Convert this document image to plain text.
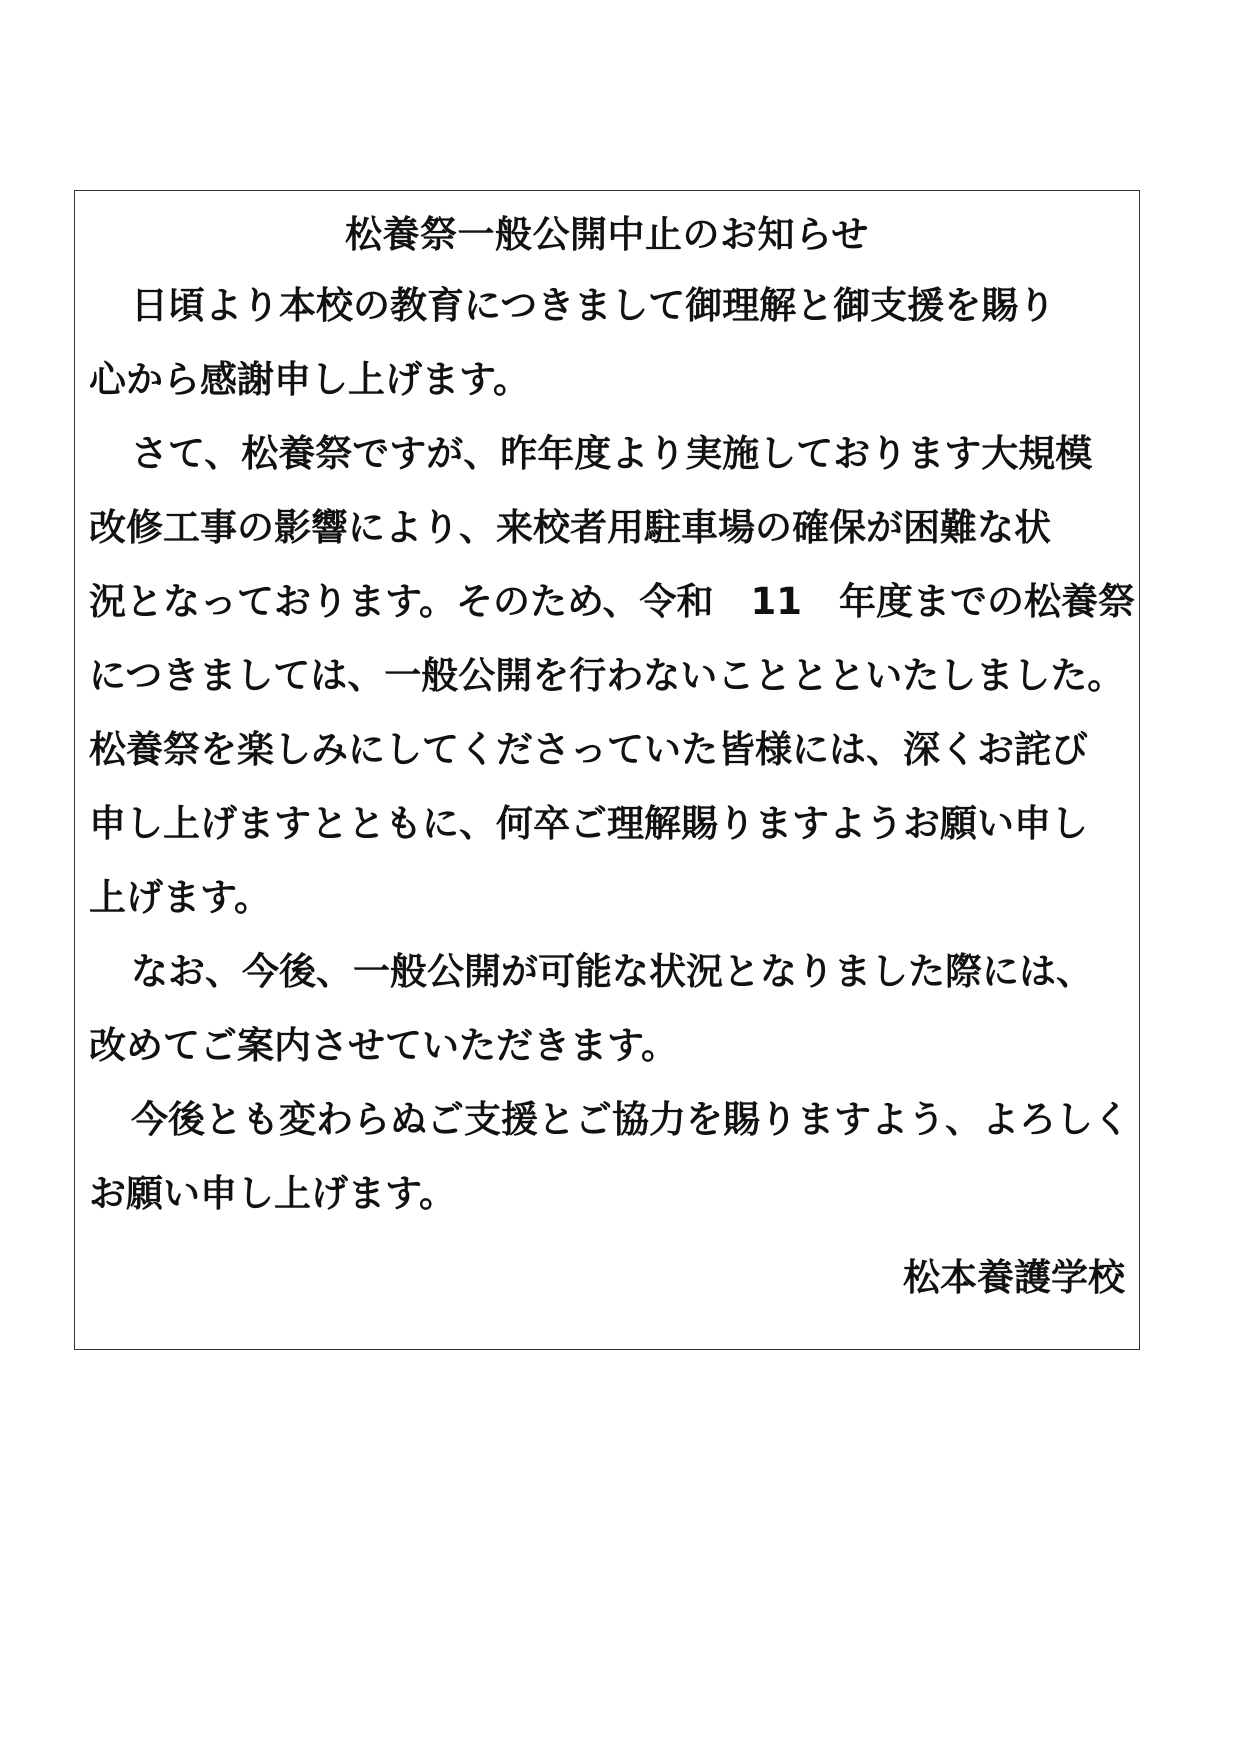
松養祭一般公開中止のお知らせ
日頃より本校の教育につきまして御理解と御支援を賜り
心から感謝申し上げます。
さて、松養祭ですが、昨年度より実施しております大規模
改修工事の影響により、来校者用駐車場の確保が困難な状
況となっております。そのため、令和　11　年度までの松養祭
につきましては、一般公開を行わないこととといたしました。
松養祭を楽しみにしてくださっていた皆様には、深くお詫び
申し上げますとともに、何卒ご理解賜りますようお願い申し
上げます。
なお、今後、一般公開が可能な状況となりました際には、
改めてご案内させていただきます。
今後とも変わらぬご支援とご協力を賜りますよう、よろしく
お願い申し上げます。
松本養護学校
